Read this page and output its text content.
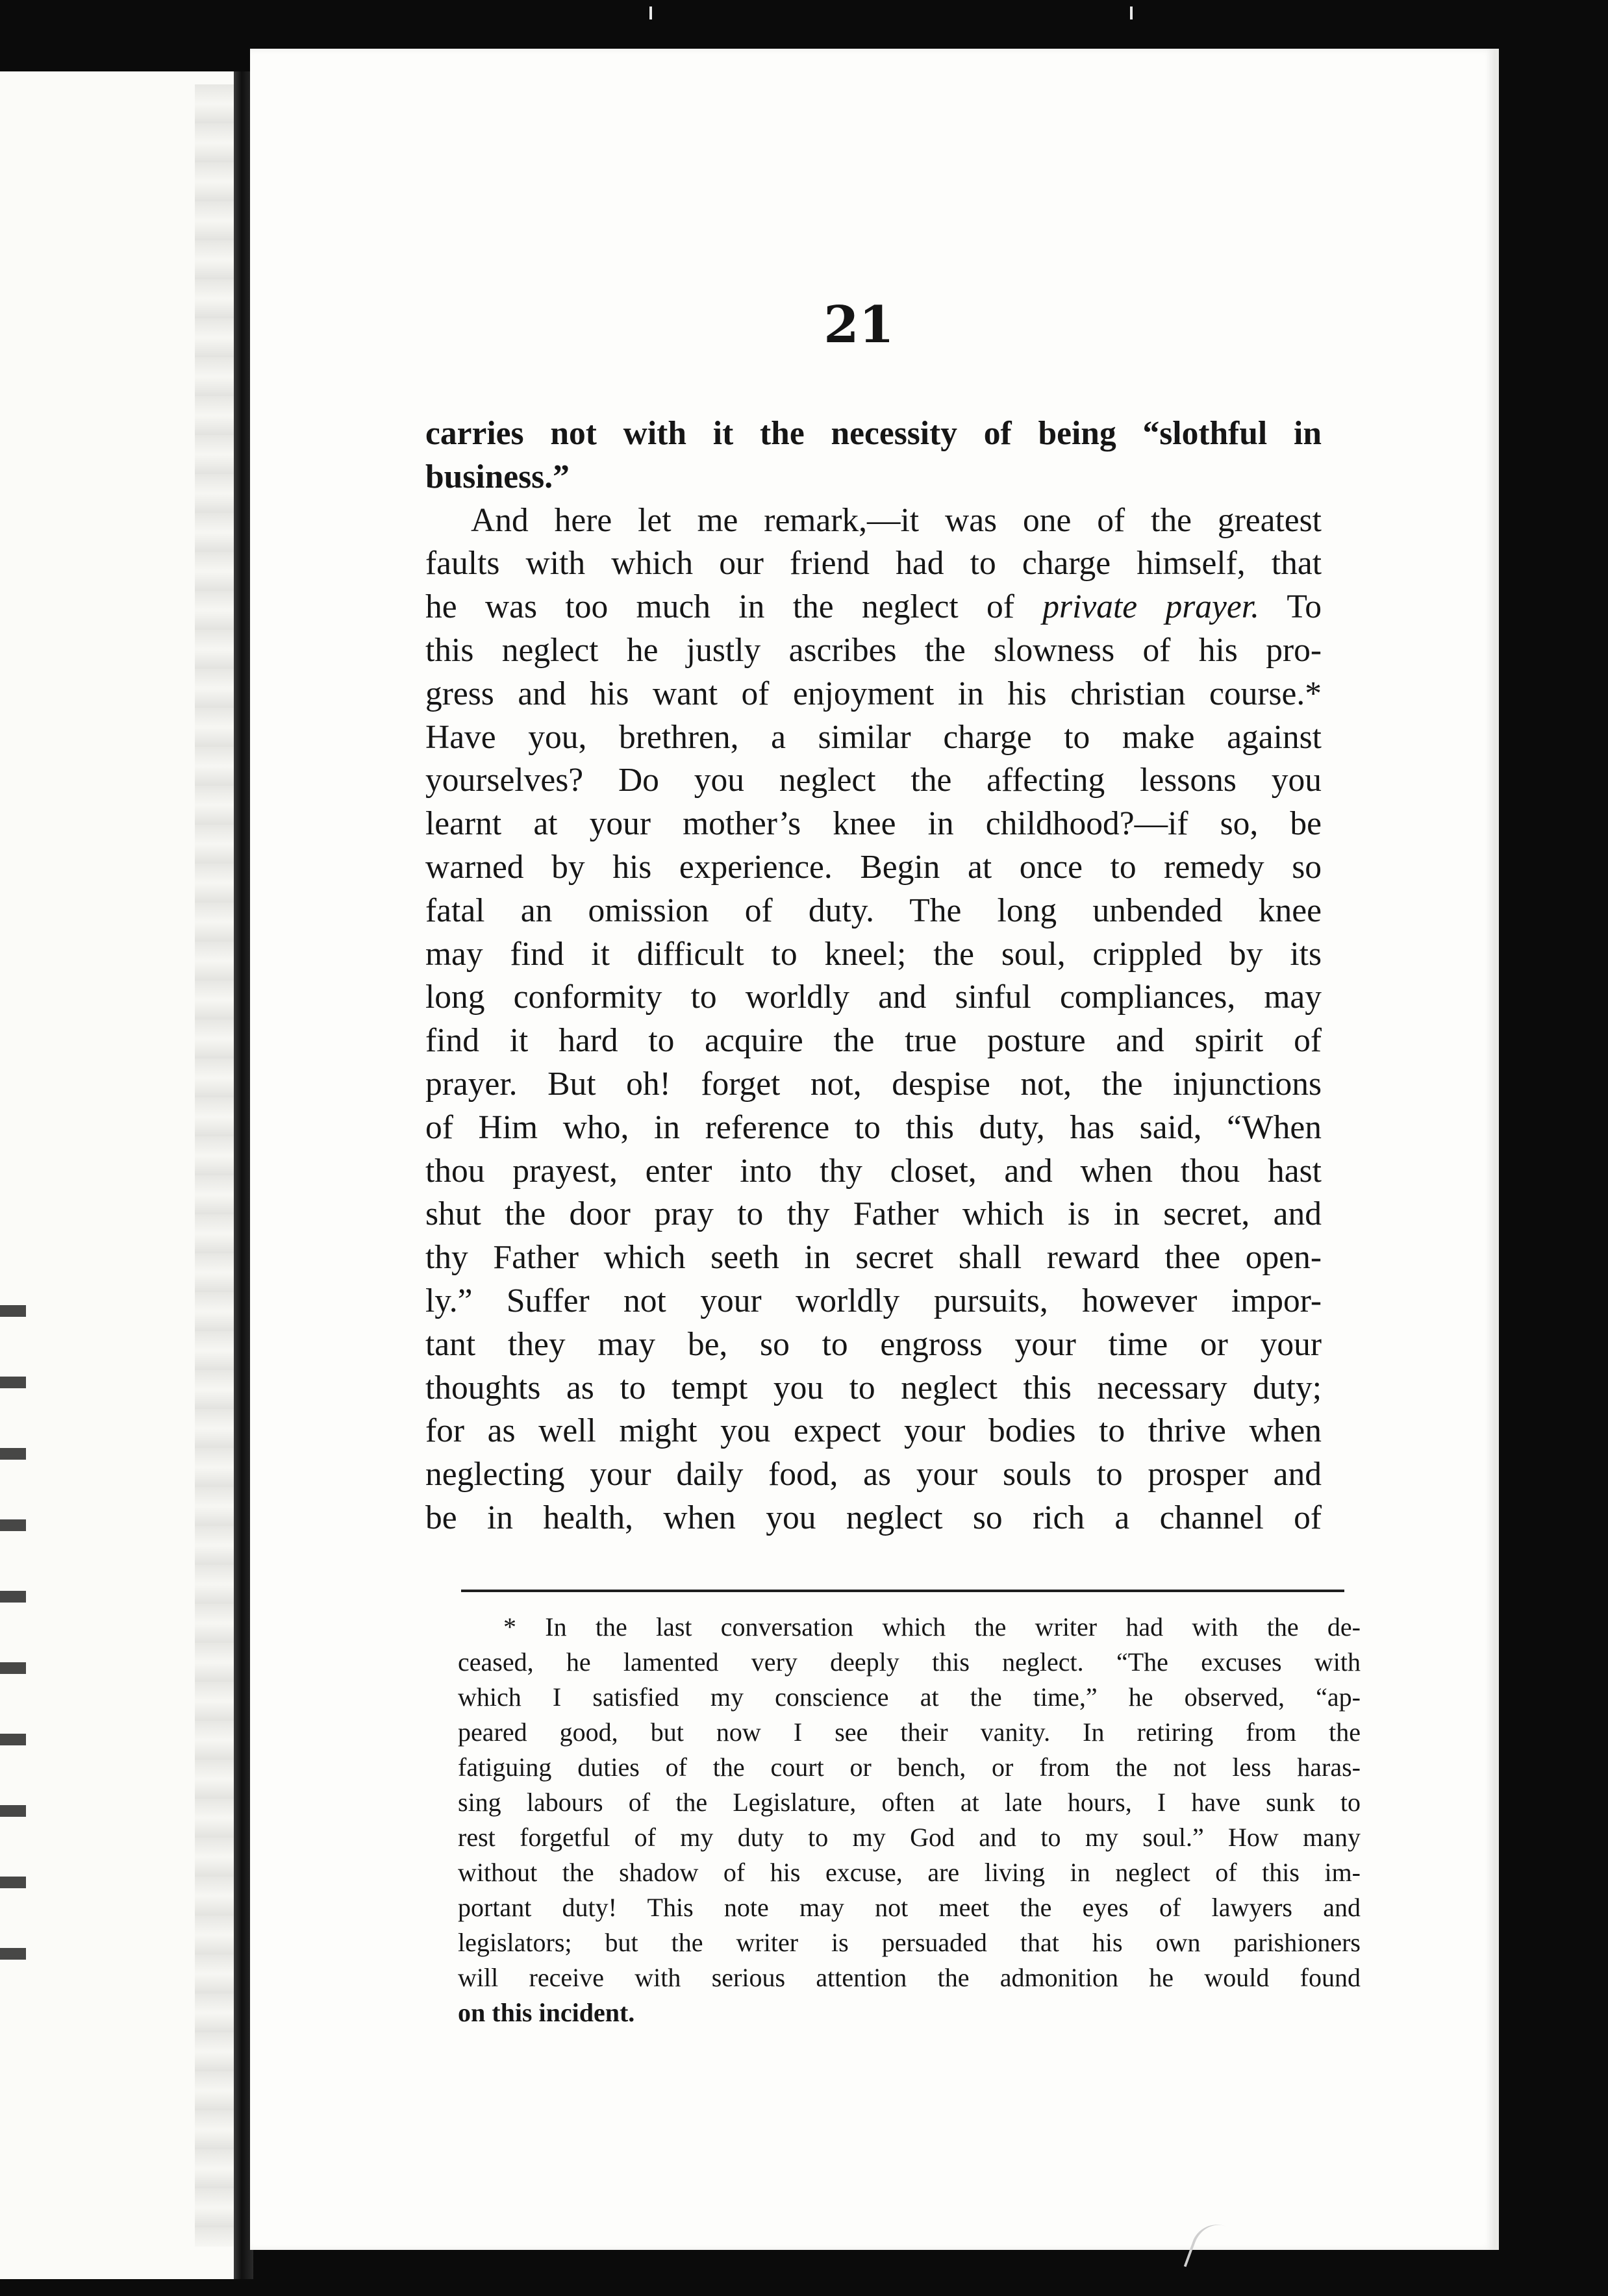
21
carries not with it the necessity of being “slothful in
business.”
And here let me remark,—it was one of the greatest
faults with which our friend had to charge himself, that
he was too much in the neglect of private prayer. To
this neglect he justly ascribes the slowness of his pro-
gress and his want of enjoyment in his christian course.*
Have you, brethren, a similar charge to make against
yourselves? Do you neglect the affecting lessons you
learnt at your mother’s knee in childhood?—if so, be
warned by his experience. Begin at once to remedy so
fatal an omission of duty. The long unbended knee
may find it difficult to kneel; the soul, crippled by its
long conformity to worldly and sinful compliances, may
find it hard to acquire the true posture and spirit of
prayer. But oh! forget not, despise not, the injunctions
of Him who, in reference to this duty, has said, “When
thou prayest, enter into thy closet, and when thou hast
shut the door pray to thy Father which is in secret, and
thy Father which seeth in secret shall reward thee open-
ly.” Suffer not your worldly pursuits, however impor-
tant they may be, so to engross your time or your
thoughts as to tempt you to neglect this necessary duty;
for as well might you expect your bodies to thrive when
neglecting your daily food, as your souls to prosper and
be in health, when you neglect so rich a channel of
* In the last conversation which the writer had with the de-
ceased, he lamented very deeply this neglect. “The excuses with
which I satisfied my conscience at the time,” he observed, “ap-
peared good, but now I see their vanity. In retiring from the
fatiguing duties of the court or bench, or from the not less haras-
sing labours of the Legislature, often at late hours, I have sunk to
rest forgetful of my duty to my God and to my soul.” How many
without the shadow of his excuse, are living in neglect of this im-
portant duty! This note may not meet the eyes of lawyers and
legislators; but the writer is persuaded that his own parishioners
will receive with serious attention the admonition he would found
on this incident.
